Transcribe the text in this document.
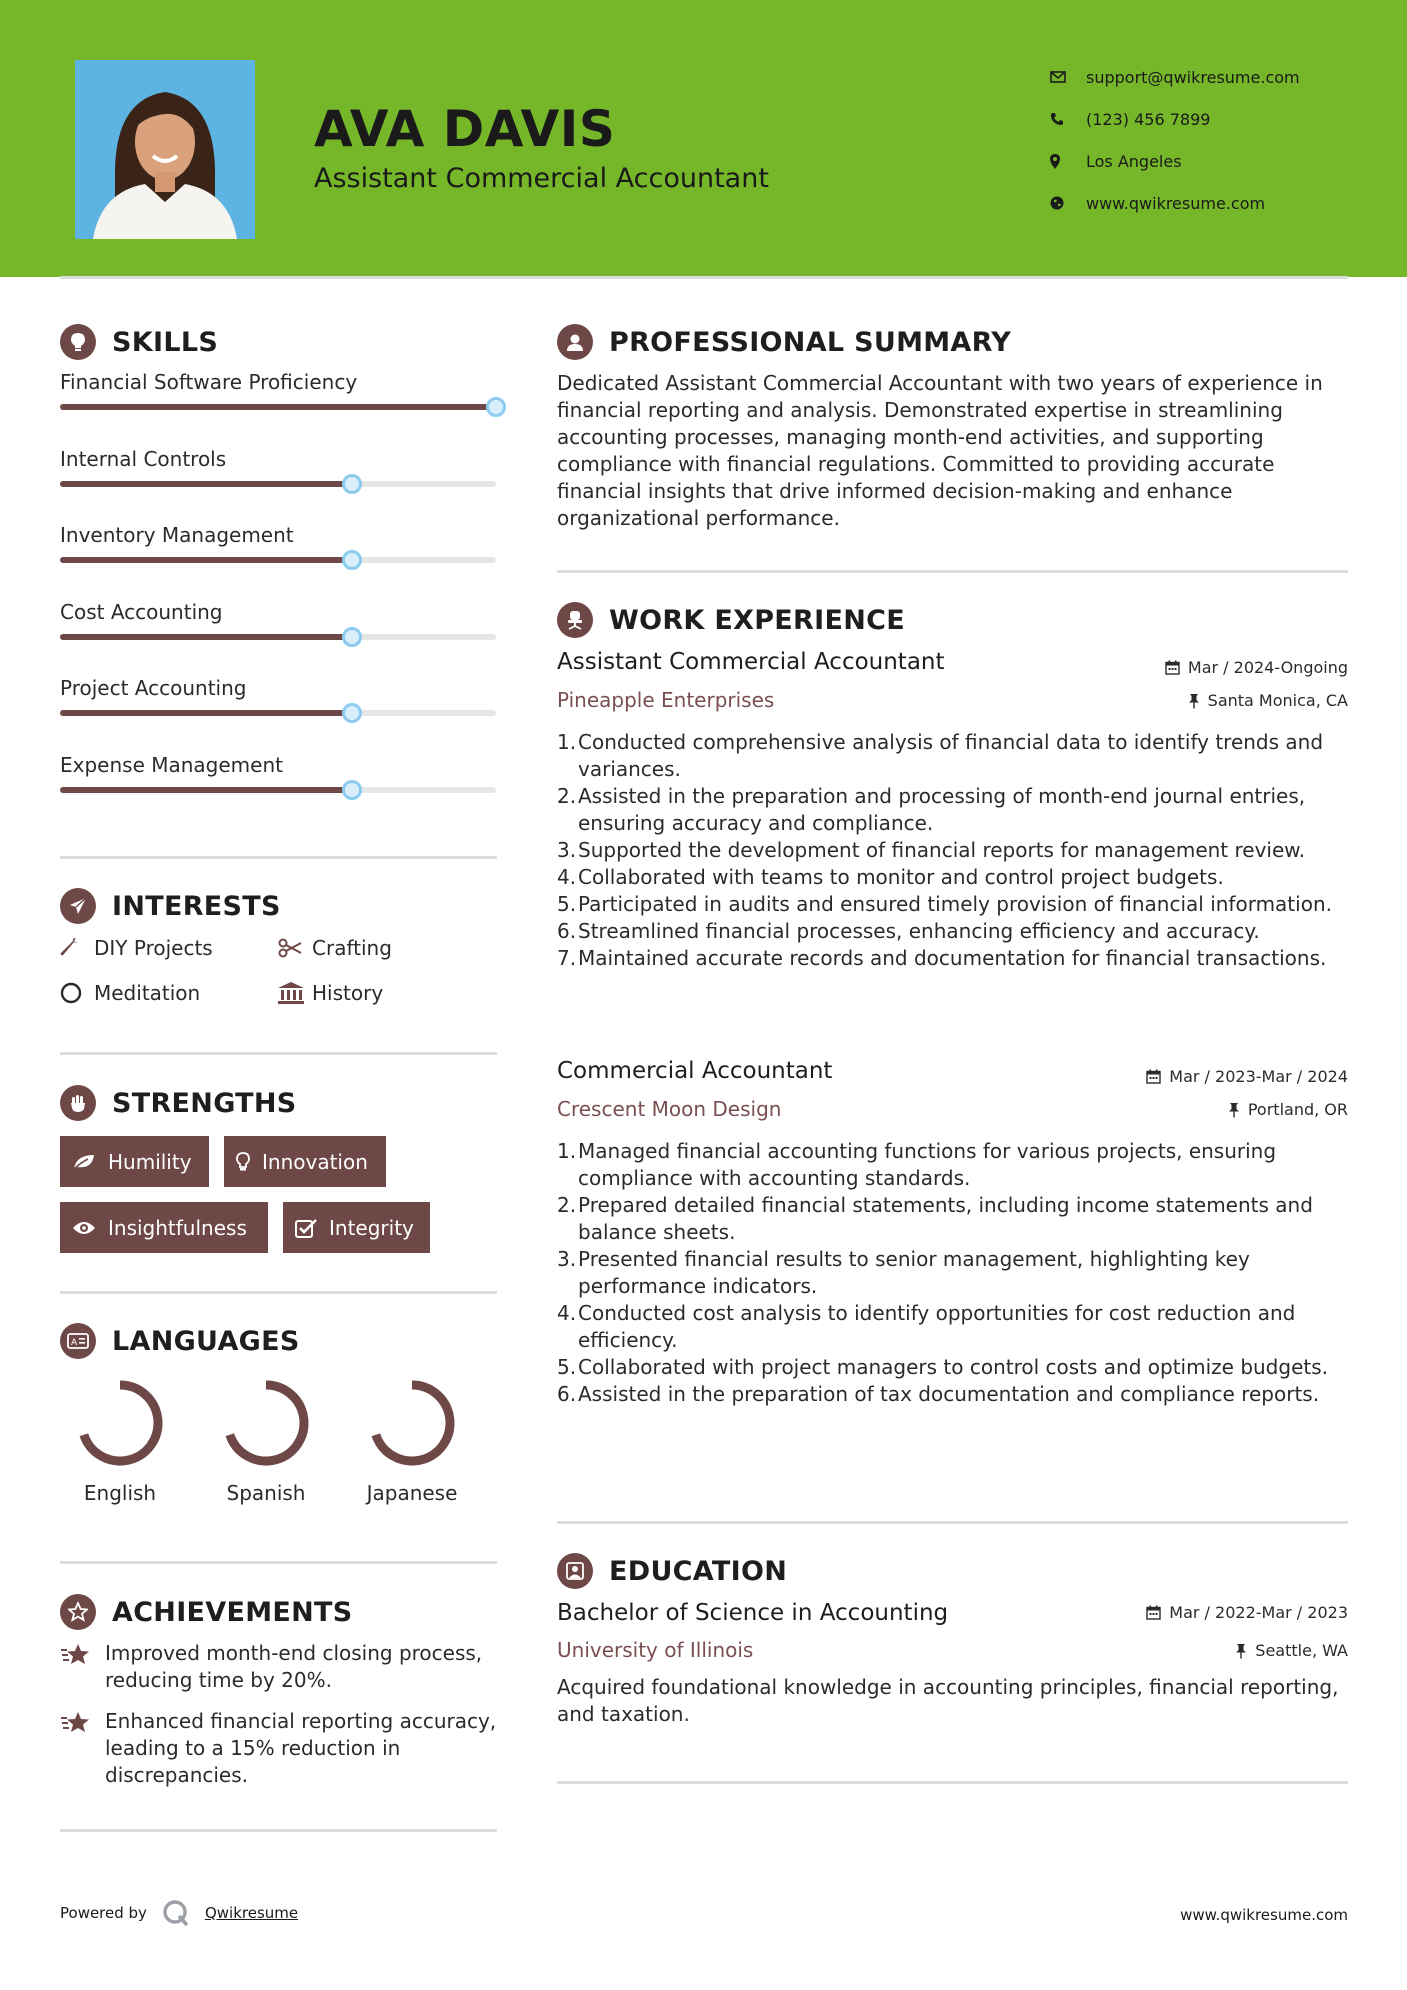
AVA DAVIS
Assistant Commercial Accountant
support@qwikresume.com
(123) 456 7899
Los Angeles
www.qwikresume.com
SKILLS
Financial Software Proficiency
Internal Controls
Inventory Management
Cost Accounting
Project Accounting
Expense Management
INTERESTS
DIY Projects	Crafting
Meditation	History
STRENGTHS
Humility	Innovation
Insightfulness	Integrity
A LANGUAGES
English	Spanish	Japanese
ACHIEVEMENTS
Improved month-end closing process, reducing time by 20%.
Enhanced financial reporting accuracy, leading to a 15% reduction in discrepancies.
PROFESSIONAL SUMMARY
Dedicated Assistant Commercial Accountant with two years of experience in financial reporting and analysis. Demonstrated expertise in streamlining accounting processes, managing month-end activities, and supporting compliance with financial regulations. Committed to providing accurate financial insights that drive informed decision-making and enhance organizational performance.
WORK EXPERIENCE
Assistant Commercial Accountant	Mar / 2024-Ongoing
Pineapple Enterprises	Santa Monica, CA
1. Conducted comprehensive analysis of financial data to identify trends and variances.
2. Assisted in the preparation and processing of month-end journal entries, ensuring accuracy and compliance.
3. Supported the development of financial reports for management review.
4. Collaborated with teams to monitor and control project budgets.
5. Participated in audits and ensured timely provision of financial information.
6. Streamlined financial processes, enhancing efficiency and accuracy.
7. Maintained accurate records and documentation for financial transactions.
Commercial Accountant	Mar / 2023-Mar / 2024
Crescent Moon Design	Portland, OR
1. Managed financial accounting functions for various projects, ensuring compliance with accounting standards.
2. Prepared detailed financial statements, including income statements and balance sheets.
3. Presented financial results to senior management, highlighting key performance indicators.
4. Conducted cost analysis to identify opportunities for cost reduction and efficiency.
5. Collaborated with project managers to control costs and optimize budgets.
6. Assisted in the preparation of tax documentation and compliance reports.
EDUCATION
Bachelor of Science in Accounting	Mar / 2022-Mar / 2023
University of Illinois	Seattle, WA
Acquired foundational knowledge in accounting principles, financial reporting, and taxation.
Powered by	Qwikresume	www.qwikresume.com
